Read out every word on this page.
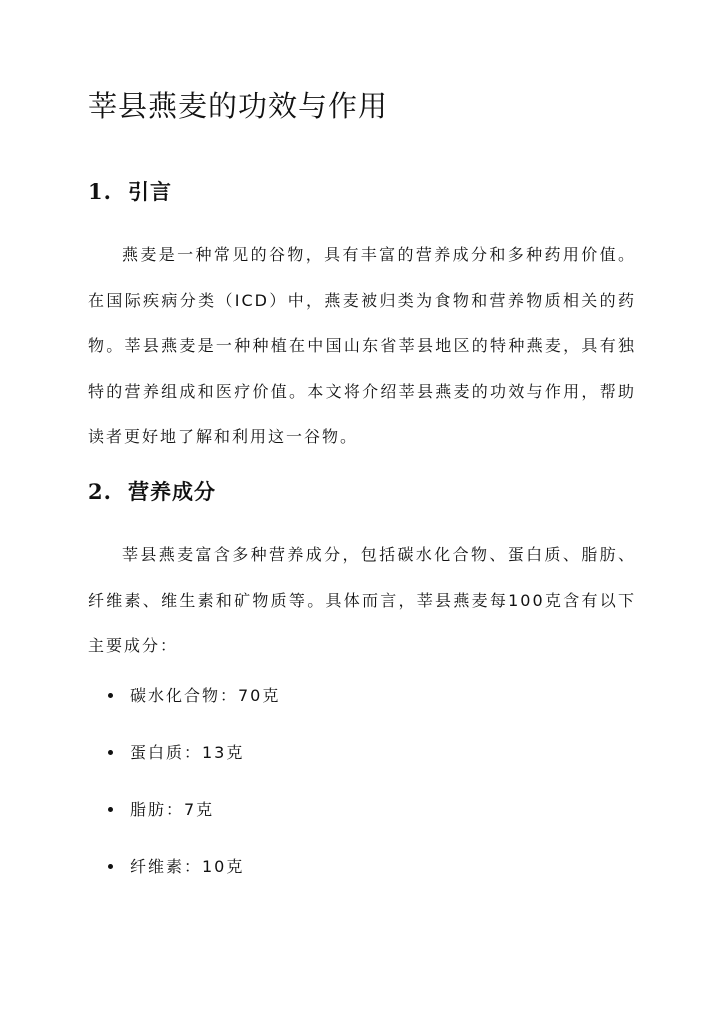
莘县燕麦的功效与作用
1. 引言

燕麦是一种常见的谷物，具有丰富的营养成分和多种药用价值。在国际疾病分类（ICD）中，燕麦被归类为食物和营养物质相关的药物。莘县燕麦是一种种植在中国山东省莘县地区的特种燕麦，具有独特的营养组成和医疗价值。本文将介绍莘县燕麦的功效与作用，帮助读者更好地了解和利用这一谷物。

2. 营养成分

莘县燕麦富含多种营养成分，包括碳水化合物、蛋白质、脂肪、纤维素、维生素和矿物质等。具体而言，莘县燕麦每100克含有以下主要成分：

碳水化合物：70克
蛋白质：13克
脂肪：7克
纤维素：10克
